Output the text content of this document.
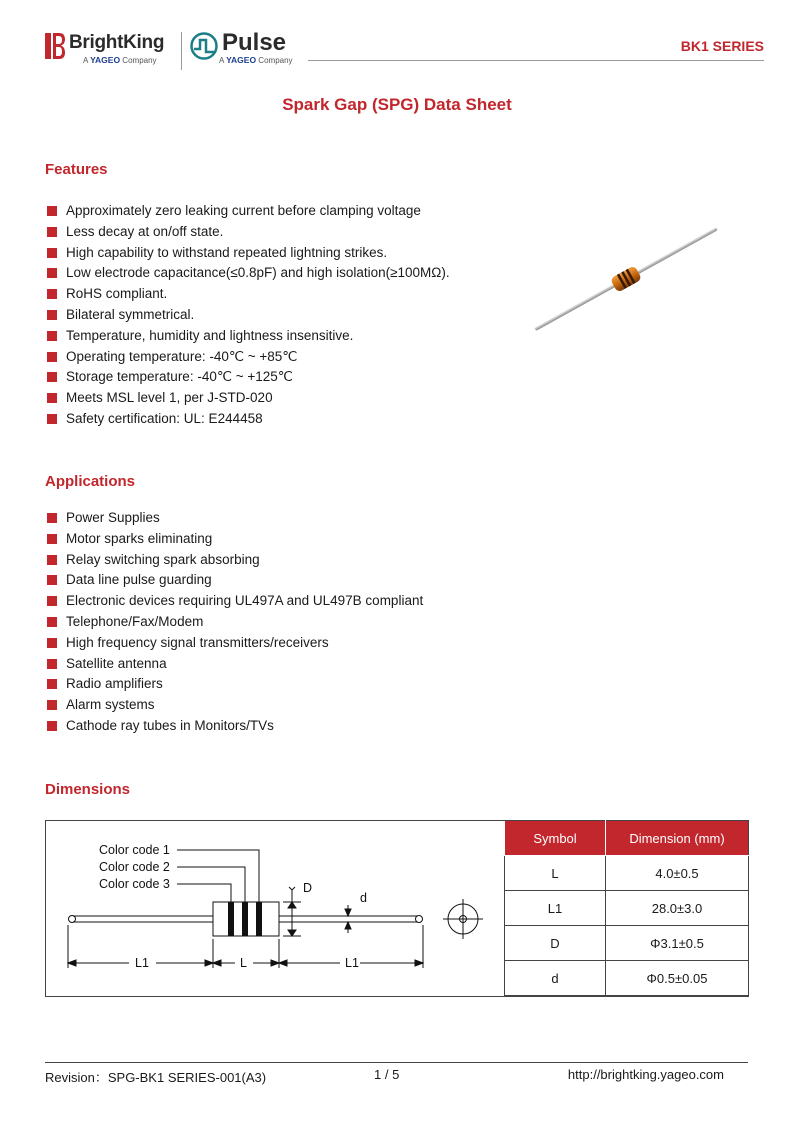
BrightKing
A YAGEO Company
Pulse
A YAGEO Company
BK1 SERIES
Spark Gap (SPG) Data Sheet
Features
Approximately zero leaking current before clamping voltage
Less decay at on/off state.
High capability to withstand repeated lightning strikes.
Low electrode capacitance(≤0.8pF) and high isolation(≥100MΩ).
RoHS compliant.
Bilateral symmetrical.
Temperature, humidity and lightness insensitive.
Operating temperature: -40℃ ~ +85℃
Storage temperature: -40℃ ~ +125℃
Meets MSL level 1, per J-STD-020
Safety certification: UL: E244458
Applications
Power Supplies
Motor sparks eliminating
Relay switching spark absorbing
Data line pulse guarding
Electronic devices requiring UL497A and UL497B compliant
Telephone/Fax/Modem
High frequency signal transmitters/receivers
Satellite antenna
Radio amplifiers
Alarm systems
Cathode ray tubes in Monitors/TVs
Dimensions
Color code 1
Color code 2
Color code 3	D
d
L1	L	L1
Symbol	Dimension (mm)
L	4.0±0.5
L1	28.0±3.0
D	Φ3.1±0.5
d	Φ0.5±0.05
Revision：SPG-BK1 SERIES-001(A3)	1 / 5	http://brightking.yageo.com
